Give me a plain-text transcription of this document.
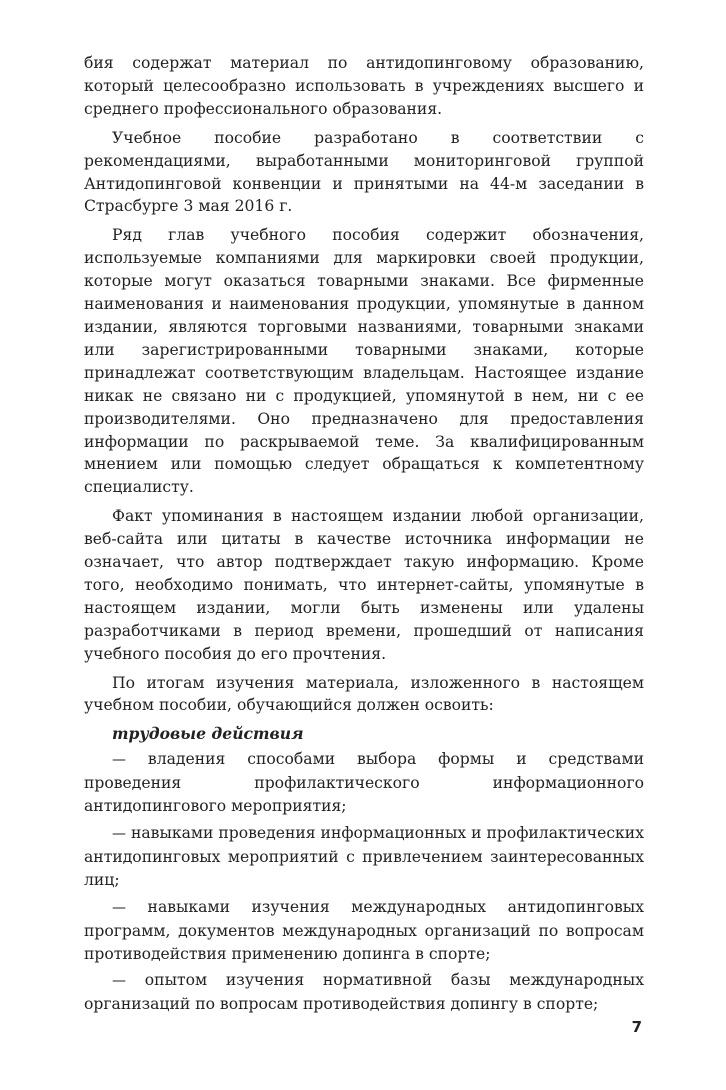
бия содержат материал по антидопинговому образованию, который целесообразно использовать в учреждениях высшего и среднего профессионального образования.

Учебное пособие разработано в соответствии с рекомендациями, выработанными мониторинговой группой Антидопинговой конвенции и принятыми на 44-м заседании в Страсбурге 3 мая 2016 г.

Ряд глав учебного пособия содержит обозначения, используемые компаниями для маркировки своей продукции, которые могут оказаться товарными знаками. Все фирменные наименования и наименования продукции, упомянутые в данном издании, являются торговыми названиями, товарными знаками или зарегистрированными товарными знаками, которые принадлежат соответствующим владельцам. Настоящее издание никак не связано ни с продукцией, упомянутой в нем, ни с ее производителями. Оно предназначено для предоставления информации по раскрываемой теме. За квалифицированным мнением или помощью следует обращаться к компетентному специалисту.

Факт упоминания в настоящем издании любой организации, веб-сайта или цитаты в качестве источника информации не означает, что автор подтверждает такую информацию. Кроме того, необходимо понимать, что интернет-сайты, упомянутые в настоящем издании, могли быть изменены или удалены разработчиками в период времени, прошедший от написания учебного пособия до его прочтения.

По итогам изучения материала, изложенного в настоящем учебном пособии, обучающийся должен освоить:

трудовые действия

— владения способами выбора формы и средствами проведения профилактического информационного антидопингового мероприятия;

— навыками проведения информационных и профилактических антидопинговых мероприятий с привлечением заинтересованных лиц;

— навыками изучения международных антидопинговых программ, документов международных организаций по вопросам противодействия применению допинга в спорте;

— опытом изучения нормативной базы международных организаций по вопросам противодействия допингу в спорте;

7
